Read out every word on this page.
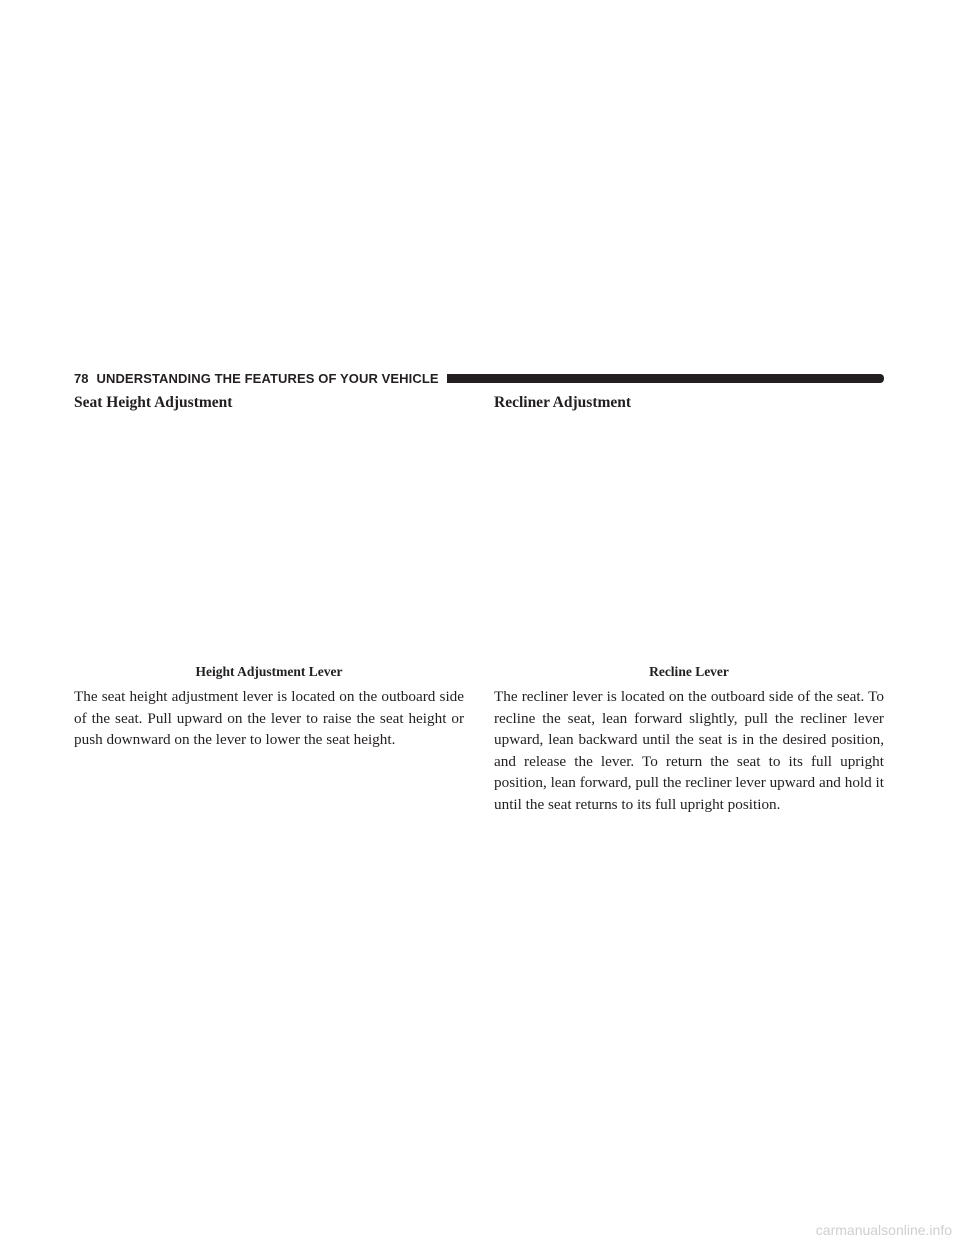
78 UNDERSTANDING THE FEATURES OF YOUR VEHICLE
Seat Height Adjustment

Height Adjustment Lever

The seat height adjustment lever is located on the outboard side of the seat. Pull upward on the lever to raise the seat height or push downward on the lever to lower the seat height.

Recliner Adjustment

Recline Lever

The recliner lever is located on the outboard side of the seat. To recline the seat, lean forward slightly, pull the recliner lever upward, lean backward until the seat is in the desired position, and release the lever. To return the seat to its full upright position, lean forward, pull the recliner lever upward and hold it until the seat returns to its full upright position.

carmanualsonline.info
